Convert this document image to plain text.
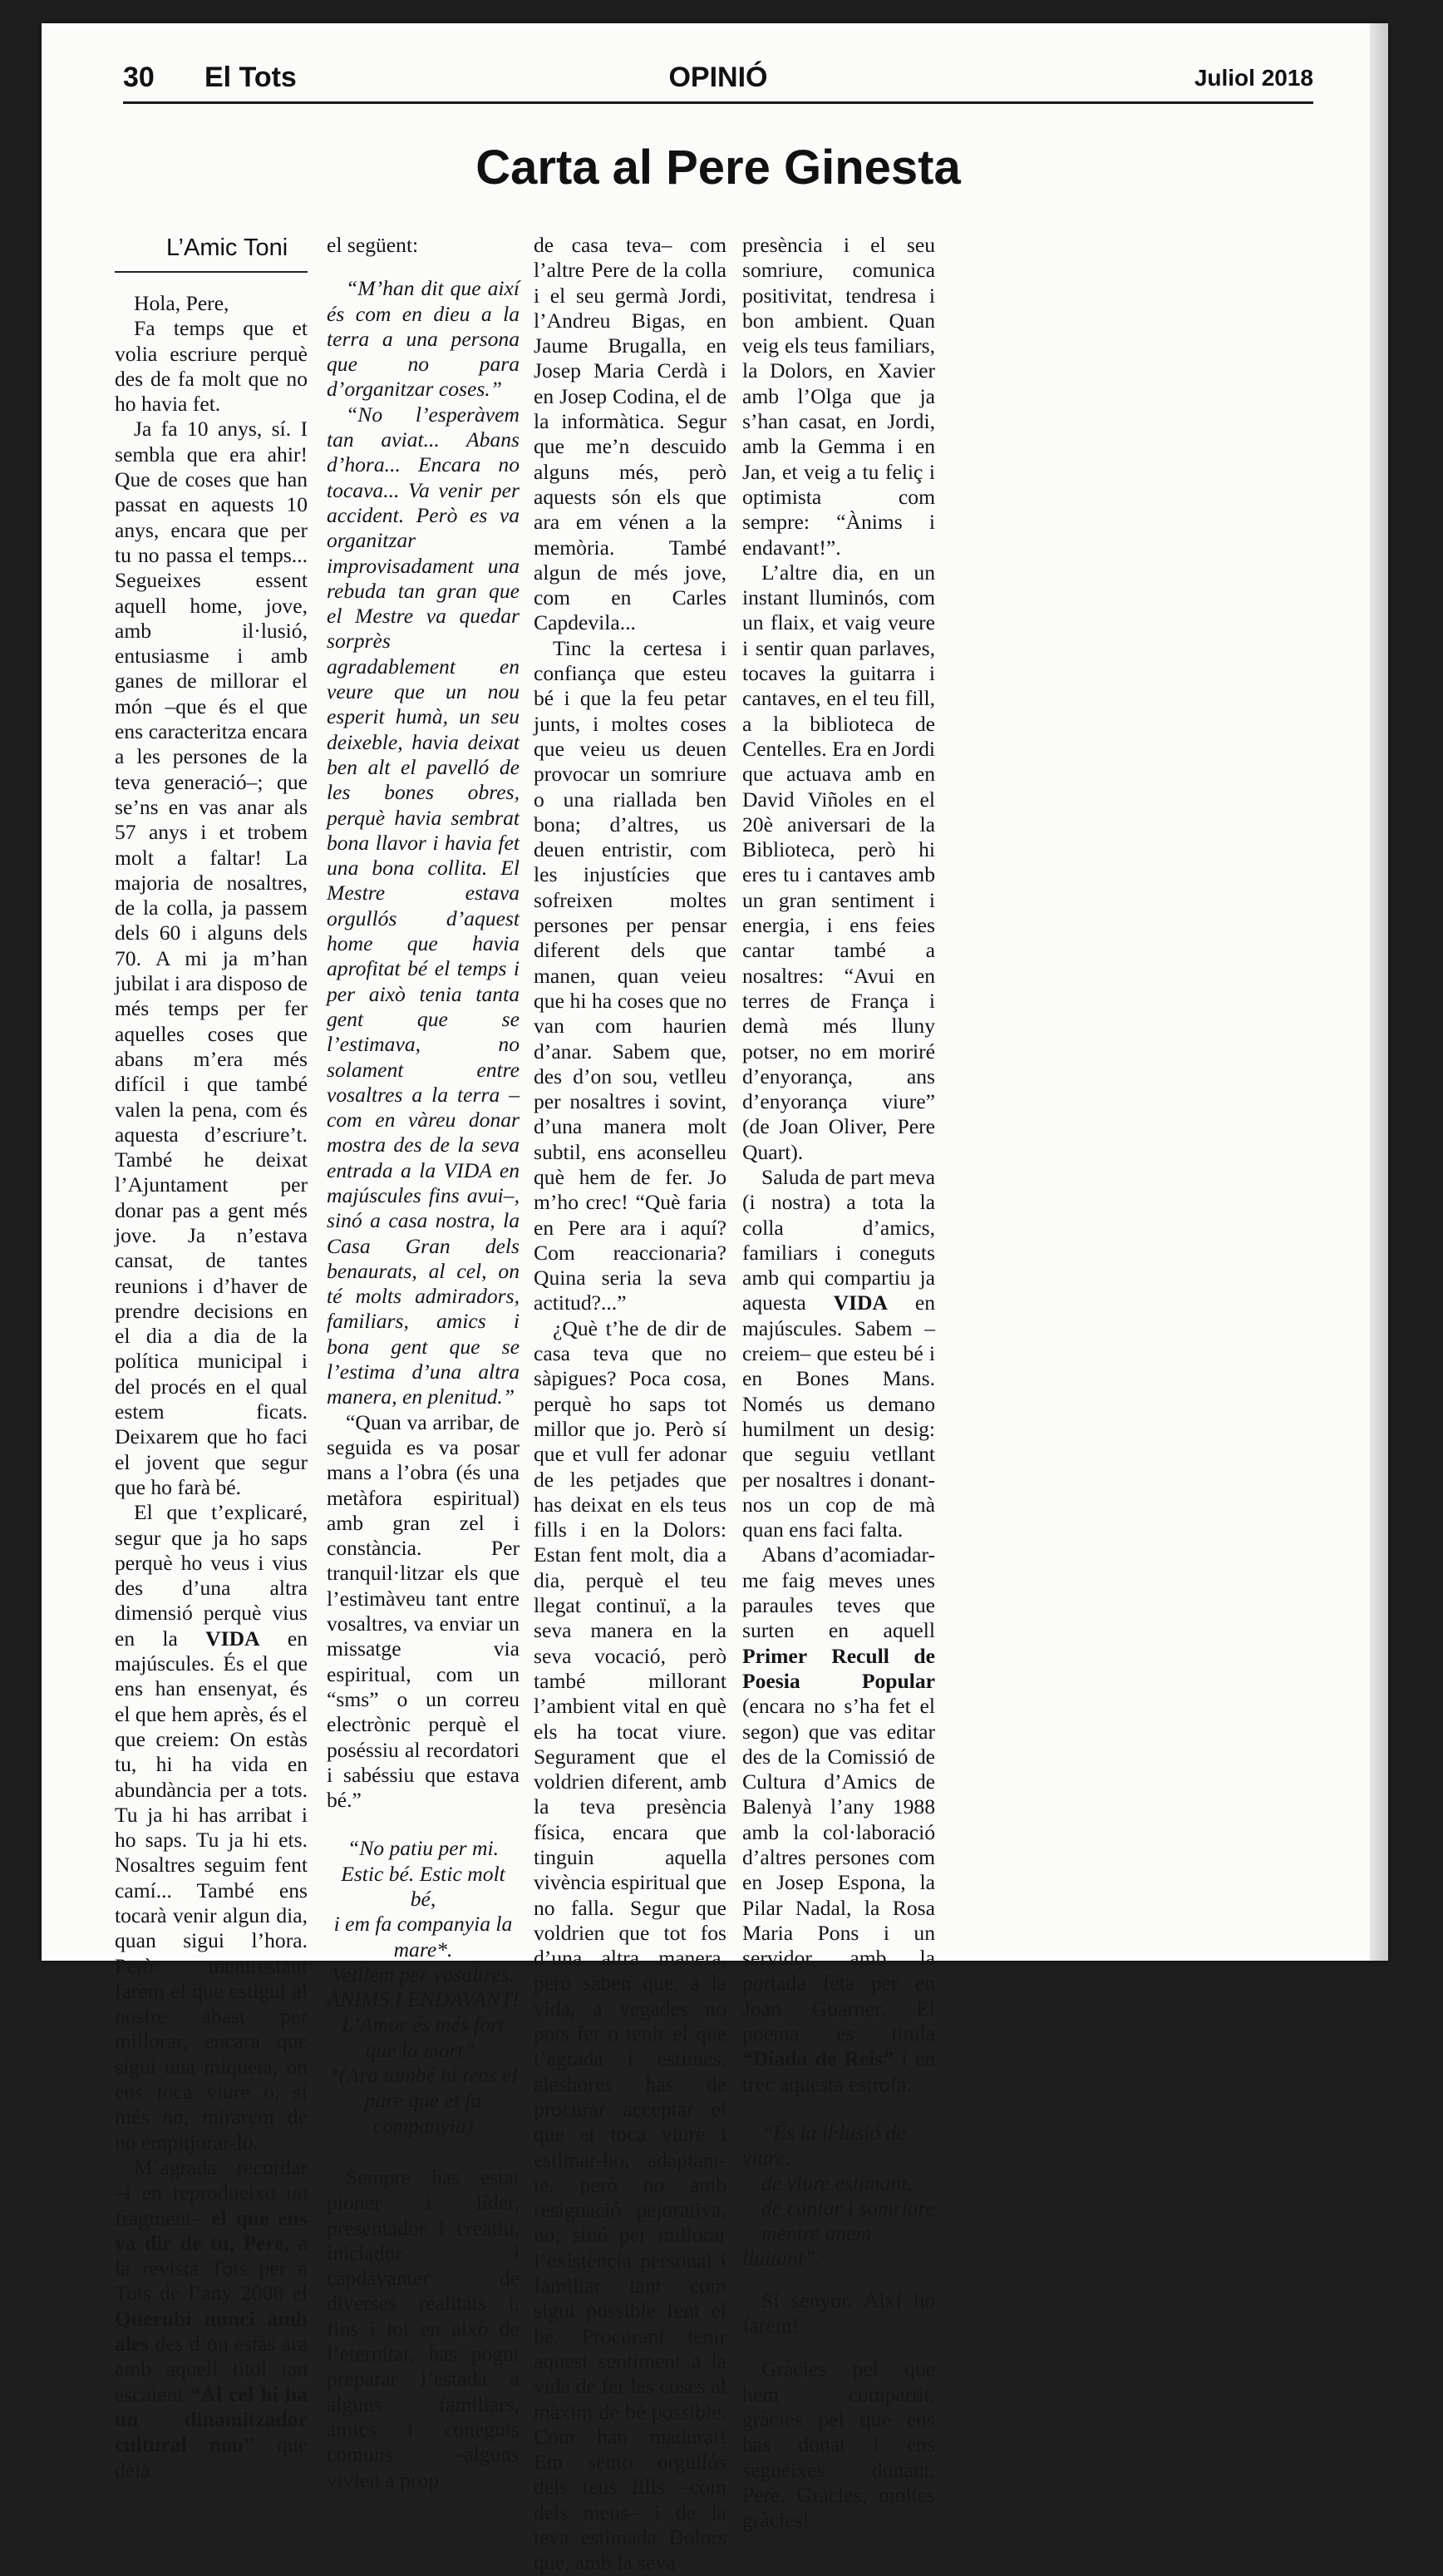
30 El Tots	OPINIÓ	Juliol 2018
Carta al Pere Ginesta
L’Amic Toni

Hola, Pere,

Fa temps que et volia escriure perquè des de fa molt que no ho havia fet.

Ja fa 10 anys, sí. I sembla que era ahir! Que de coses que han passat en aquests 10 anys, encara que per tu no passa el temps... Segueixes essent aquell home, jove, amb il·lusió, entusiasme i amb ganes de millorar el món –que és el que ens caracteritza encara a les persones de la teva generació–; que se’ns en vas anar als 57 anys i et trobem molt a faltar! La majoria de nosaltres, de la colla, ja passem dels 60 i alguns dels 70. A mi ja m’han jubilat i ara disposo de més temps per fer aquelles coses que abans m’era més difícil i que també valen la pena, com és aquesta d’escriure’t. També he deixat l’Ajuntament per donar pas a gent més jove. Ja n’estava cansat, de tantes reunions i d’haver de prendre decisions en el dia a dia de la política municipal i del procés en el qual estem ficats. Deixarem que ho faci el jovent que segur que ho farà bé.

El que t’explicaré, segur que ja ho saps perquè ho veus i vius des d’una altra dimensió perquè vius en la VIDA en majúscules. És el que ens han ensenyat, és el que hem après, és el que creiem: On estàs tu, hi ha vida en abundància per a tots. Tu ja hi has arribat i ho saps. Tu ja hi ets. Nosaltres seguim fent camí... També ens tocarà venir algun dia, quan sigui l’hora. Però mentrestant farem el que estigui al nostre abast per millorar, encara que sigui una miqueta, on ens toca viure o, si més no, mirarem de no empitjorar-lo.

M’agrada recordar –i en reprodueixo un fragment– el que ens va dir de tu, Pere, a la revista Tots per a Tots de l’any 2008 el Querubí nunci amb ales des d’on estàs ara amb aquell títol tan escaient “Al cel hi ha un dinamitzador cultural nou” que deia

el següent:

“M’han dit que així és com en dieu a la terra a una persona que no para d’organitzar coses.”

“No l’esperàvem tan aviat... Abans d’hora... Encara no tocava... Va venir per accident. Però es va organitzar improvisadament una rebuda tan gran que el Mestre va quedar sorprès agradablement en veure que un nou esperit humà, un seu deixeble, havia deixat ben alt el pavelló de les bones obres, perquè havia sembrat bona llavor i havia fet una bona collita. El Mestre estava orgullós d’aquest home que havia aprofitat bé el temps i per això tenia tanta gent que se l’estimava, no solament entre vosaltres a la terra –com en vàreu donar mostra des de la seva entrada a la VIDA en majúscules fins avui–, sinó a casa nostra, la Casa Gran dels benaurats, al cel, on té molts admiradors, familiars, amics i bona gent que se l’estima d’una altra manera, en plenitud.”

“Quan va arribar, de seguida es va posar mans a l’obra (és una metàfora espiritual) amb gran zel i constància. Per tranquil·litzar els que l’estimàveu tant entre vosaltres, va enviar un missatge via espiritual, com un “sms” o un correu electrònic perquè el poséssiu al recordatori i sabéssiu que estava bé.”

“No patiu per mi.

Estic bé. Estic molt bé,

i em fa companyia la

mare*.

Vetllem per vosaltres.

ÀNIMS I ENDAVANT!

L’Amor és més fort

que la mort”.

*(Ara també hi tens el

pare que et fa companyia)

Sempre has estat pioner i líder, presentador i creatiu, iniciador i capdavanter de diverses realitats i, fins i tot en això de l’eternitat, has pogut preparar l’estada a alguns familiars, amics i coneguts comuns –alguns vivien a prop

de casa teva– com l’altre Pere de la colla i el seu germà Jordi, l’Andreu Bigas, en Jaume Brugalla, en Josep Maria Cerdà i en Josep Codina, el de la informàtica. Segur que me’n descuido alguns més, però aquests són els que ara em vénen a la memòria. També algun de més jove, com en Carles Capdevila...

Tinc la certesa i confiança que esteu bé i que la feu petar junts, i moltes coses que veieu us deuen provocar un somriure o una rialladа ben bona; d’altres, us deuen entristir, com les injustícies que sofreixen moltes persones per pensar diferent dels que manen, quan veieu que hi ha coses que no van com haurien d’anar. Sabem que, des d’on sou, vetlleu per nosaltres i sovint, d’una manera molt subtil, ens aconselleu què hem de fer. Jo m’ho crec! “Què faria en Pere ara i aquí? Com reaccionaria? Quina seria la seva actitud?...”

¿Què t’he de dir de casa teva que no sàpigues? Poca cosa, perquè ho saps tot millor que jo. Però sí que et vull fer adonar de les petjades que has deixat en els teus fills i en la Dolors: Estan fent molt, dia a dia, perquè el teu llegat continuï, a la seva manera en la seva vocació, però també millorant l’ambient vital en què els ha tocat viure. Segurament que el voldrien diferent, amb la teva presència física, encara que tinguin aquella vivència espiritual que no falla. Segur que voldrien que tot fos d’una altra manera, però saben que, a la vida, a vegades no pots fer o tenir el que t’agrada i estimes, aleshores has de procurar acceptar el que et toca viure i estimar-ho, adaptant-te, però no amb resignació pejorativa, no; sinó per millorar l’existència personal i familiar tant com sigui possible fent el bé. Procurant tenir aquest sentiment a la vida de fer les coses al màxim de bé possible. Com han madurat! Em sento orgullós dels teus fills –com dels meus– i de la teva estimada Dolors que, amb la seva

presència i el seu somriure, comunica positivitat, tendresa i bon ambient. Quan veig els teus familiars, la Dolors, en Xavier amb l’Olga que ja s’han casat, en Jordi, amb la Gemma i en Jan, et veig a tu feliç i optimista com sempre: “Ànims i endavant!”.

L’altre dia, en un instant lluminós, com un flaix, et vaig veure i sentir quan parlaves, tocaves la guitarra i cantaves, en el teu fill, a la biblioteca de Centelles. Era en Jordi que actuava amb en David Viñoles en el 20è aniversari de la Biblioteca, però hi eres tu i cantaves amb un gran sentiment i energia, i ens feies cantar també a nosaltres: “Avui en terres de França i demà més lluny potser, no em moriré d’enyorança, ans d’enyorança viure” (de Joan Oliver, Pere Quart).

Saluda de part meva (i nostra) a tota la colla d’amics, familiars i coneguts amb qui compartiu ja aquesta VIDA en majúscules. Sabem –creiem– que esteu bé i en Bones Mans. Només us demano humilment un desig: que seguiu vetllant per nosaltres i donant-nos un cop de mà quan ens faci falta.

Abans d’acomiadar-me faig meves unes paraules teves que surten en aquell Primer Recull de Poesia Popular (encara no s’ha fet el segon) que vas editar des de la Comissió de Cultura d’Amics de Balenyà l’any 1988 amb la col·laboració d’altres persones com en Josep Espona, la Pilar Nadal, la Rosa Maria Pons i un servidor, amb la portada feta per en Joan Guarner. El poema es titula “Diada de Reis” i en trec aquesta estrofa:

“És la il·lusió de viure,

de viure estimant,

de cantar i somriure

mentre anem lluitant”.

Sí senyor. Així ho farem!

Gràcies pel que hem compartit, gràcies pel que ens has donat i ens segueixes donant, Pere. Gràcies, moltes gràcies!
